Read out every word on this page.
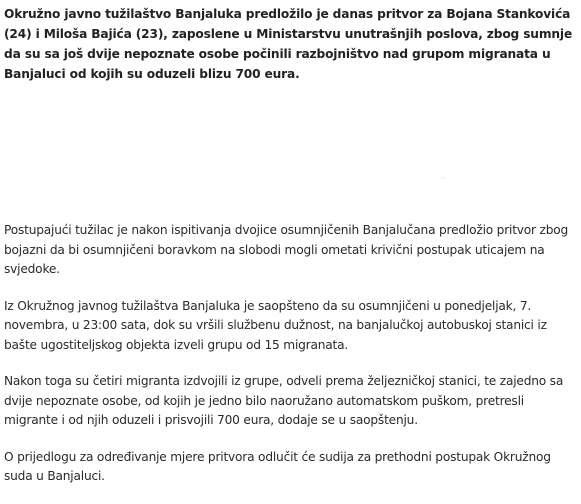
Okružno javno tužilaštvo Banjaluka predložilo je danas pritvor za Bojana Stankovića (24) i Miloša Bajića (23), zaposlene u Ministarstvu unutrašnjih poslova, zbog sumnje da su sa još dvije nepoznate osobe počinili razbojništvo nad grupom migranata u Banjaluci od kojih su oduzeli blizu 700 eura.

Postupajući tužilac je nakon ispitivanja dvojice osumnjičenih Banjalučana predložio pritvor zbog bojazni da bi osumnjičeni boravkom na slobodi mogli ometati krivični postupak uticajem na svjedoke.

Iz Okružnog javnog tužilaštva Banjaluka je saopšteno da su osumnjičeni u ponedjeljak, 7. novembra, u 23:00 sata, dok su vršili službenu dužnost, na banjalučkoj autobuskoj stanici iz bašte ugostiteljskog objekta izveli grupu od 15 migranata.

Nakon toga su četiri migranta izdvojili iz grupe, odveli prema željezničkoj stanici, te zajedno sa dvije nepoznate osobe, od kojih je jedno bilo naoružano automatskom puškom, pretresli migrante i od njih oduzeli i prisvojili 700 eura, dodaje se u saopštenju.

O prijedlogu za određivanje mjere pritvora odlučit će sudija za prethodni postupak Okružnog suda u Banjaluci.
